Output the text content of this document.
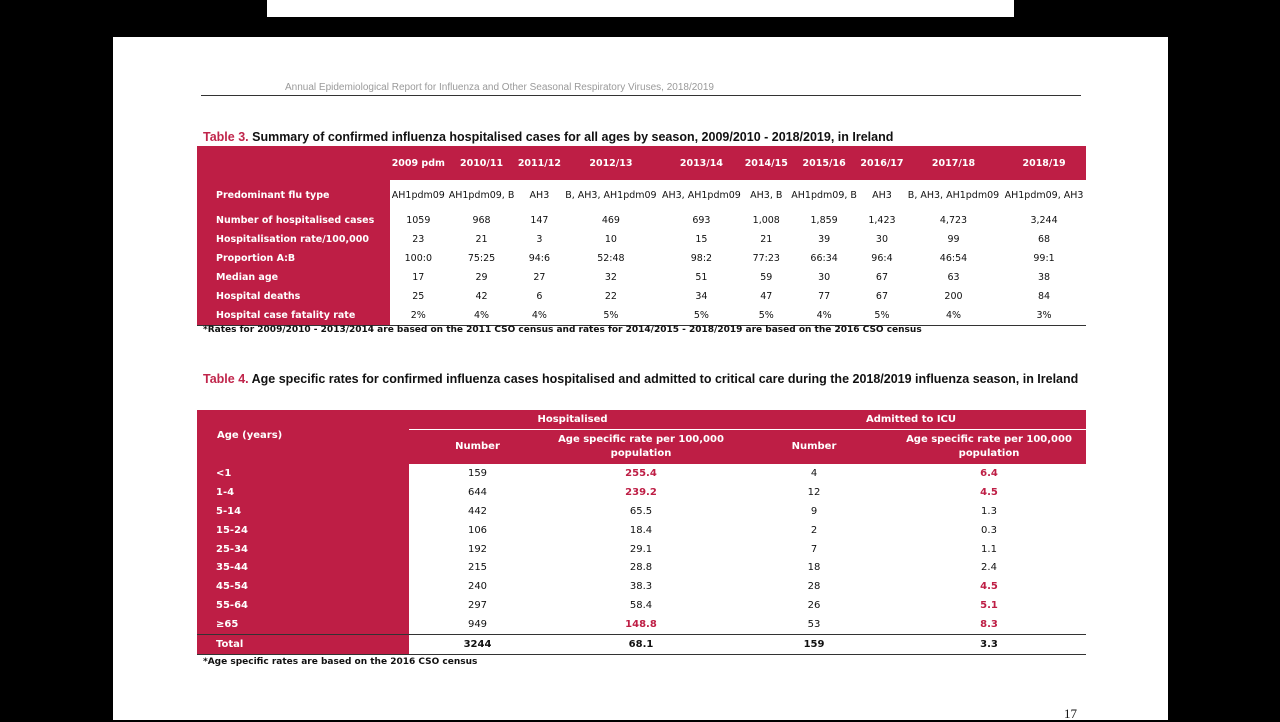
Annual Epidemiological Report for Influenza and Other Seasonal Respiratory Viruses, 2018/2019
Table 3. Summary of confirmed influenza hospitalised cases for all ages by season, 2009/2010 - 2018/2019, in Ireland
	2009 pdm	2010/11	2011/12	2012/13	2013/14	2014/15	2015/16	2016/17	2017/18	2018/19
Predominant flu type	AH1pdm09	AH1pdm09, B	AH3	B, AH3, AH1pdm09	AH3, AH1pdm09	AH3, B	AH1pdm09, B	AH3	B, AH3, AH1pdm09	AH1pdm09, AH3
Number of hospitalised cases	1059	968	147	469	693	1,008	1,859	1,423	4,723	3,244
Hospitalisation rate/100,000	23	21	3	10	15	21	39	30	99	68
Proportion A:B	100:0	75:25	94:6	52:48	98:2	77:23	66:34	96:4	46:54	99:1
Median age	17	29	27	32	51	59	30	67	63	38
Hospital deaths	25	42	6	22	34	47	77	67	200	84
Hospital case fatality rate	2%	4%	4%	5%	5%	5%	4%	5%	4%	3%
*Rates for 2009/2010 - 2013/2014 are based on the 2011 CSO census and rates for 2014/2015 - 2018/2019 are based on the 2016 CSO census
Table 4. Age specific rates for confirmed influenza cases hospitalised and admitted to critical care during the 2018/2019 influenza season, in Ireland
Age (years)	Hospitalised		Admitted to ICU	
	Number	Age specific rate per 100,000 population	Number	Age specific rate per 100,000 population
<1	159	255.4	4	6.4
1-4	644	239.2	12	4.5
5-14	442	65.5	9	1.3
15-24	106	18.4	2	0.3
25-34	192	29.1	7	1.1
35-44	215	28.8	18	2.4
45-54	240	38.3	28	4.5
55-64	297	58.4	26	5.1
≥65	949	148.8	53	8.3
Total	3244	68.1	159	3.3
*Age specific rates are based on the 2016 CSO census
17
